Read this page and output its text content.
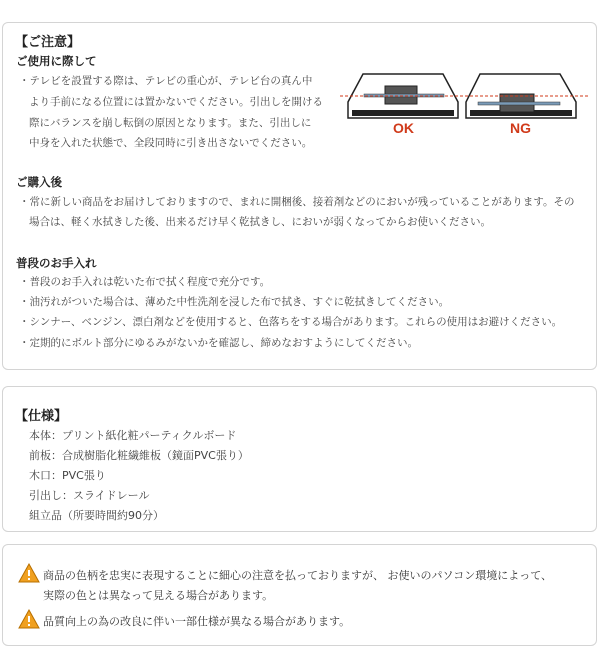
【ご注意】
ご使用に際して
・テレビを設置する際は、テレビの重心が、テレビ台の真ん中
より手前になる位置には置かないでください。引出しを開ける
際にバランスを崩し転倒の原因となります。また、引出しに
中身を入れた状態で、全段同時に引き出さないでください。
ご購入後
・常に新しい商品をお届けしておりますので、まれに開梱後、接着剤などのにおいが残っていることがあります。その
場合は、軽く水拭きした後、出来るだけ早く乾拭きし、においが弱くなってからお使いください。
普段のお手入れ
・普段のお手入れは乾いた布で拭く程度で充分です。
・油汚れがついた場合は、薄めた中性洗剤を浸した布で拭き、すぐに乾拭きしてください。
・シンナー、ベンジン、漂白剤などを使用すると、色落ちをする場合があります。これらの使用はお避けください。
・定期的にボルト部分にゆるみがないかを確認し、締めなおすようにしてください。
OK	NG
【仕様】
本体：プリント紙化粧パーティクルボード
前板：合成樹脂化粧繊維板（鏡面PVC張り）
木口：PVC張り
引出し：スライドレール
組立品（所要時間約90分）
商品の色柄を忠実に表現することに細心の注意を払っておりますが、 お使いのパソコン環境によって、
実際の色とは異なって見える場合があります。
品質向上の為の改良に伴い一部仕様が異なる場合があります。
